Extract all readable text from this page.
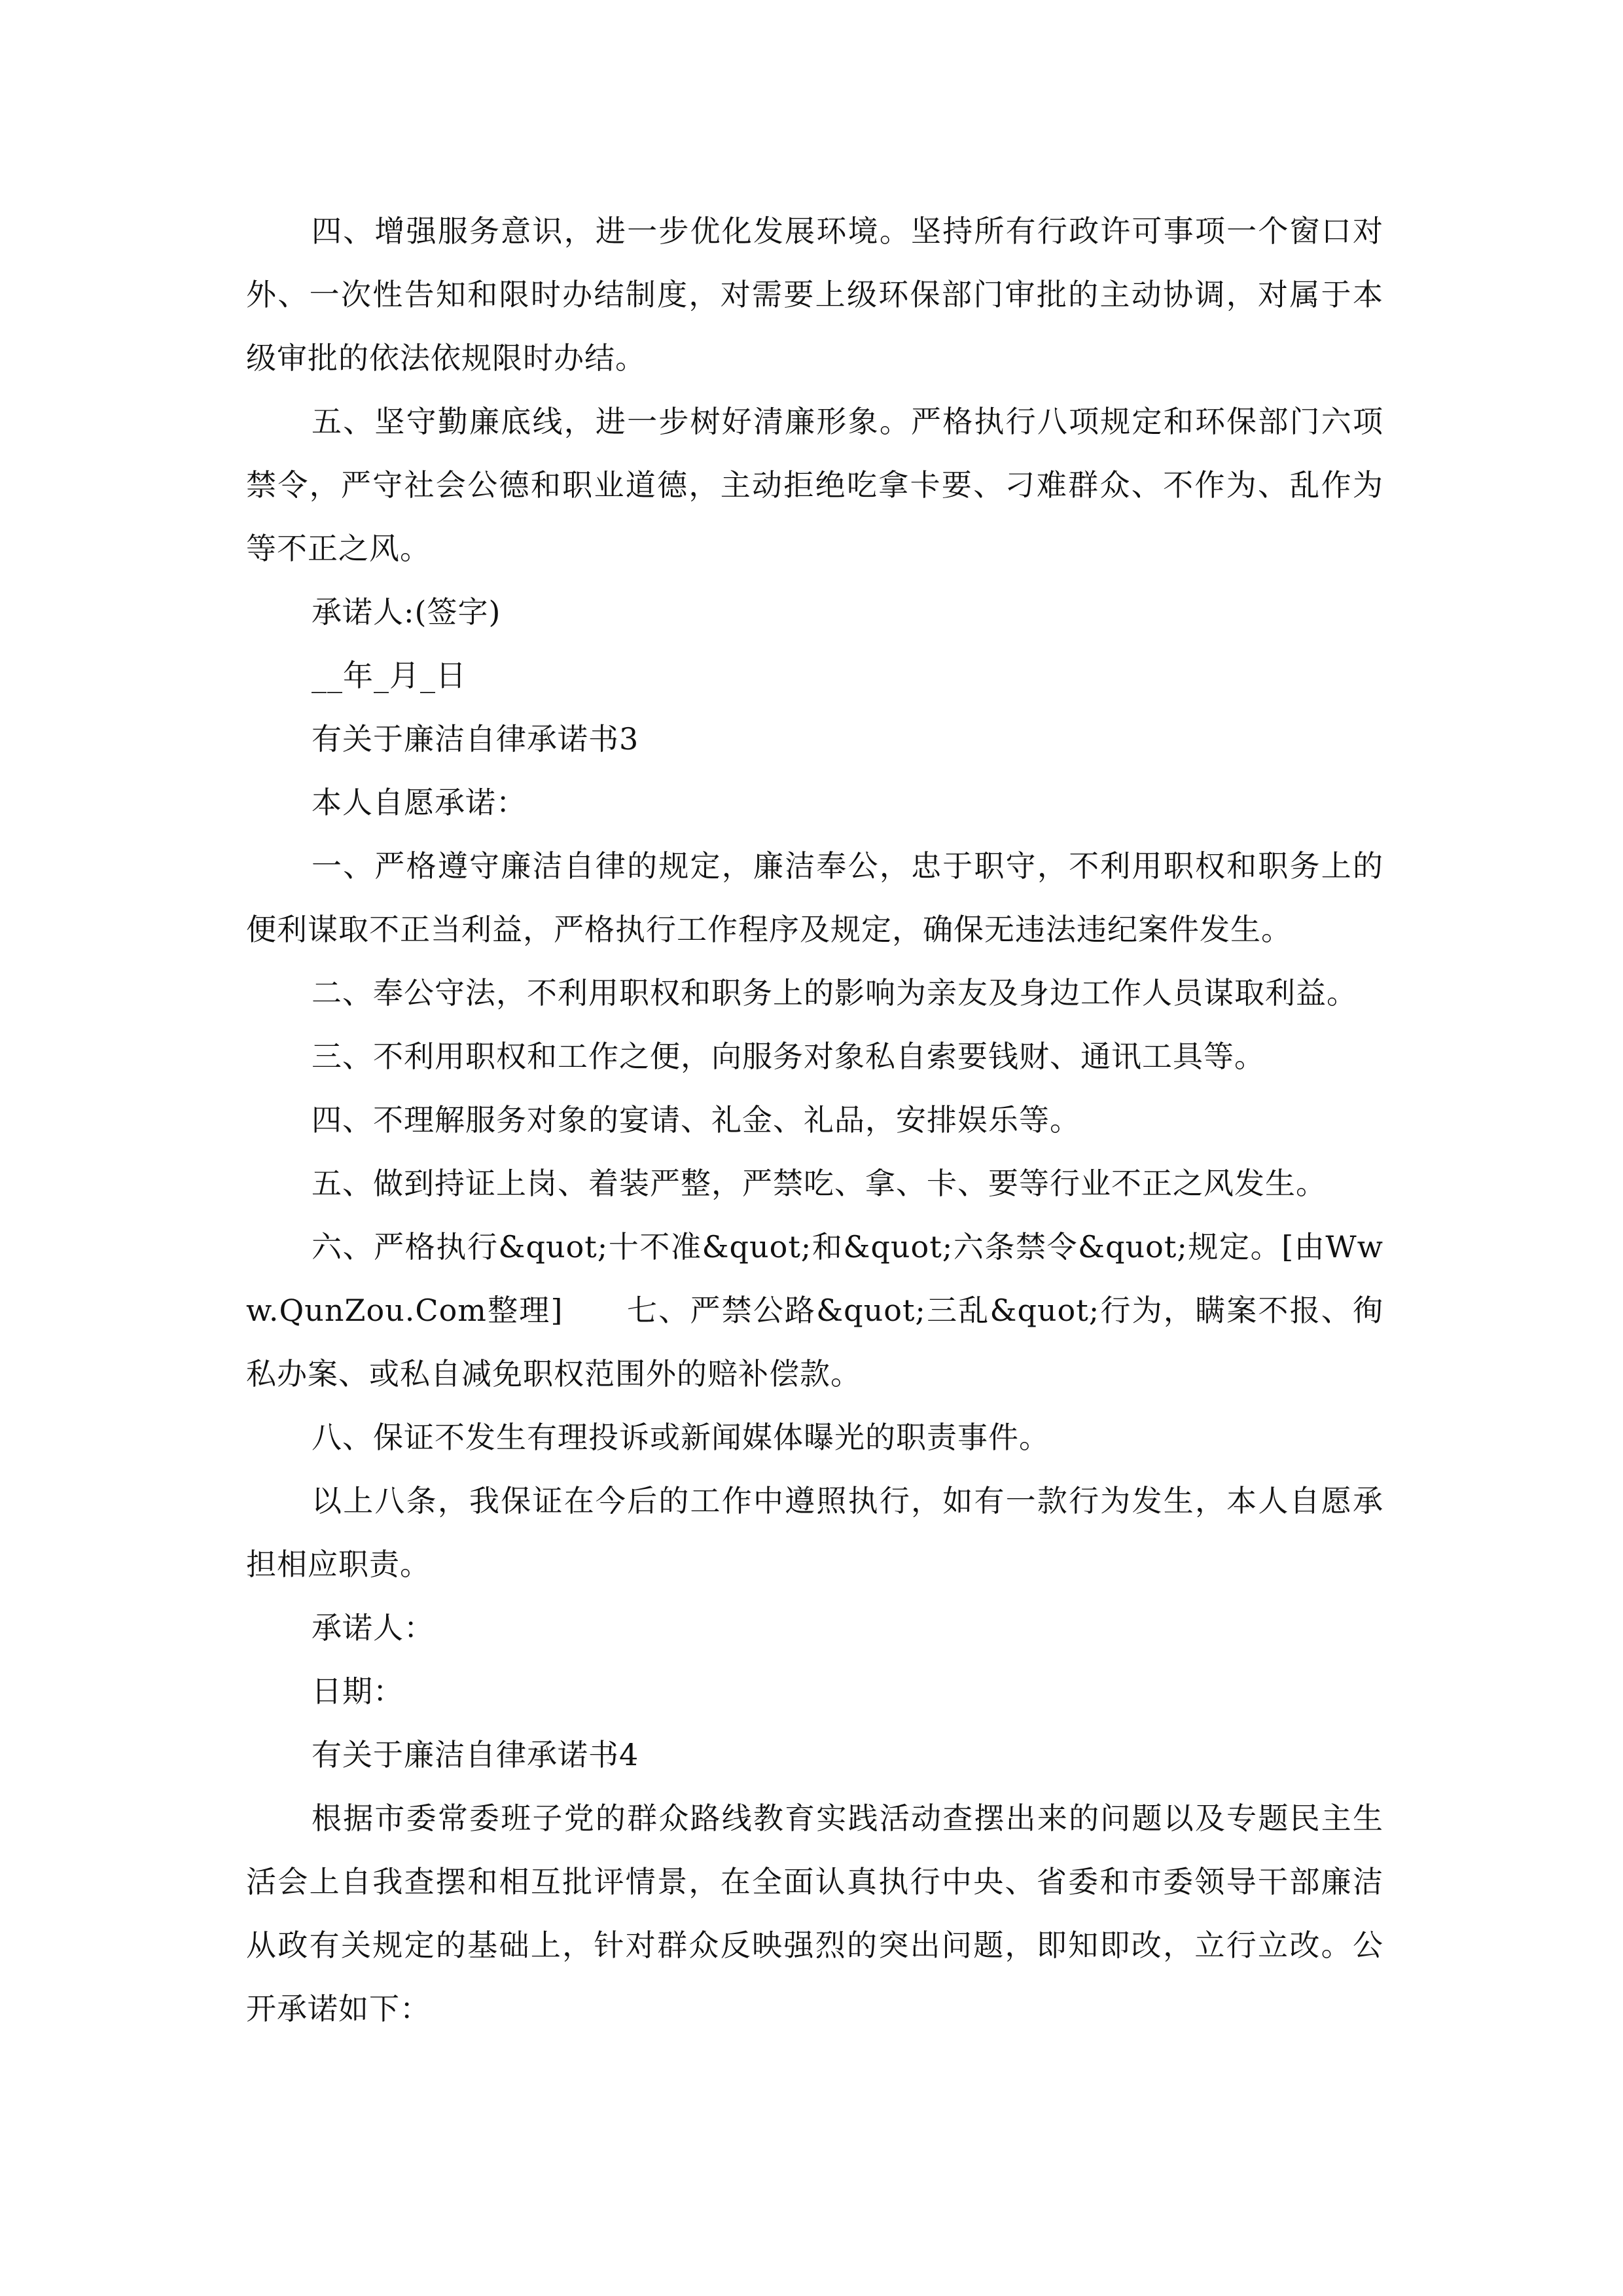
四、增强服务意识，进一步优化发展环境。坚持所有行政许可事项一个窗口对外、一次性告知和限时办结制度，对需要上级环保部门审批的主动协调，对属于本级审批的依法依规限时办结。

五、坚守勤廉底线，进一步树好清廉形象。严格执行八项规定和环保部门六项禁令，严守社会公德和职业道德，主动拒绝吃拿卡要、刁难群众、不作为、乱作为等不正之风。

承诺人:(签字)

__年_月_日

有关于廉洁自律承诺书3

本人自愿承诺：

一、严格遵守廉洁自律的规定，廉洁奉公，忠于职守，不利用职权和职务上的便利谋取不正当利益，严格执行工作程序及规定，确保无违法违纪案件发生。

二、奉公守法，不利用职权和职务上的影响为亲友及身边工作人员谋取利益。

三、不利用职权和工作之便，向服务对象私自索要钱财、通讯工具等。

四、不理解服务对象的宴请、礼金、礼品，安排娱乐等。

五、做到持证上岗、着装严整，严禁吃、拿、卡、要等行业不正之风发生。

六、严格执行&quot;十不准&quot;和&quot;六条禁令&quot;规定。[由Www.QunZou.Com整理]　　七、严禁公路&quot;三乱&quot;行为，瞒案不报、徇私办案、或私自减免职权范围外的赔补偿款。

八、保证不发生有理投诉或新闻媒体曝光的职责事件。

以上八条，我保证在今后的工作中遵照执行，如有一款行为发生，本人自愿承担相应职责。

承诺人：

日期：

有关于廉洁自律承诺书4

根据市委常委班子党的群众路线教育实践活动查摆出来的问题以及专题民主生活会上自我查摆和相互批评情景，在全面认真执行中央、省委和市委领导干部廉洁从政有关规定的基础上，针对群众反映强烈的突出问题，即知即改，立行立改。公开承诺如下：
